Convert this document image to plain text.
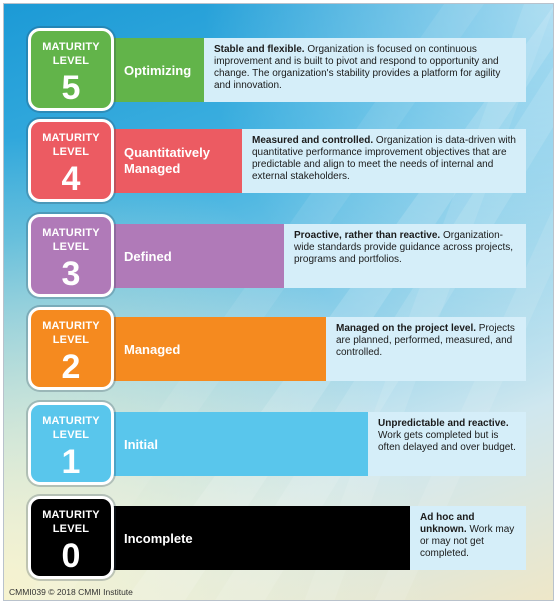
Optimizing
Stable and flexible. Organization is focused on continuous improvement and is built to pivot and respond to opportunity and change. The organization's stability provides a platform for agility and innovation.
MATURITY
LEVEL
5
Quantitatively Managed
Measured and controlled. Organization is data-driven with quantitative performance improvement objectives that are predictable and align to meet the needs of internal and external stakeholders.
MATURITY
LEVEL
4
Defined
Proactive, rather than reactive. Organization-wide standards provide guidance across projects, programs and portfolios.
MATURITY
LEVEL
3
Managed
Managed on the project level. Projects are planned, performed, measured, and controlled.
MATURITY
LEVEL
2
Initial
Unpredictable and reactive. Work gets completed but is often delayed and over budget.
MATURITY
LEVEL
1
Incomplete
Ad hoc and unknown. Work may or may not get completed.
MATURITY
LEVEL
0
CMMI039 © 2018 CMMI Institute
